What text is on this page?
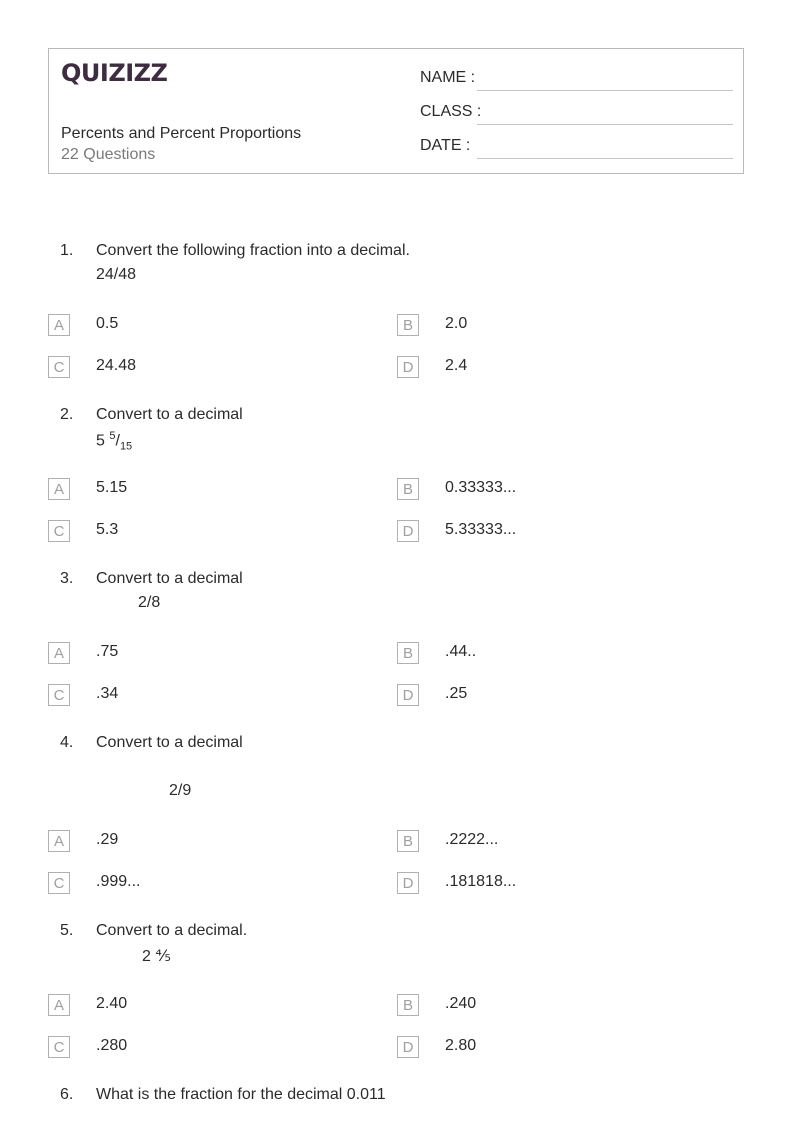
QUIZIZZ
Percents and Percent Proportions
22 Questions
NAME :
CLASS :
DATE :
1. Convert the following fraction into a decimal.
24/48
A	0.5	B	2.0
C	24.48	D	2.4
2. Convert to a decimal
5 $^5/_{15}$
A	5.15	B	0.33333...
C	5.3	D	5.33333...
3. Convert to a decimal
2/8
A	.75	B	.44..
C	.34	D	.25
4. Convert to a decimal
2/9
A	.29	B	.2222...
C	.999...	D	.181818...
5. Convert to a decimal.
2 ⅘
A	2.40	B	.240
C	.280	D	2.80
6. What is the fraction for the decimal 0.011
